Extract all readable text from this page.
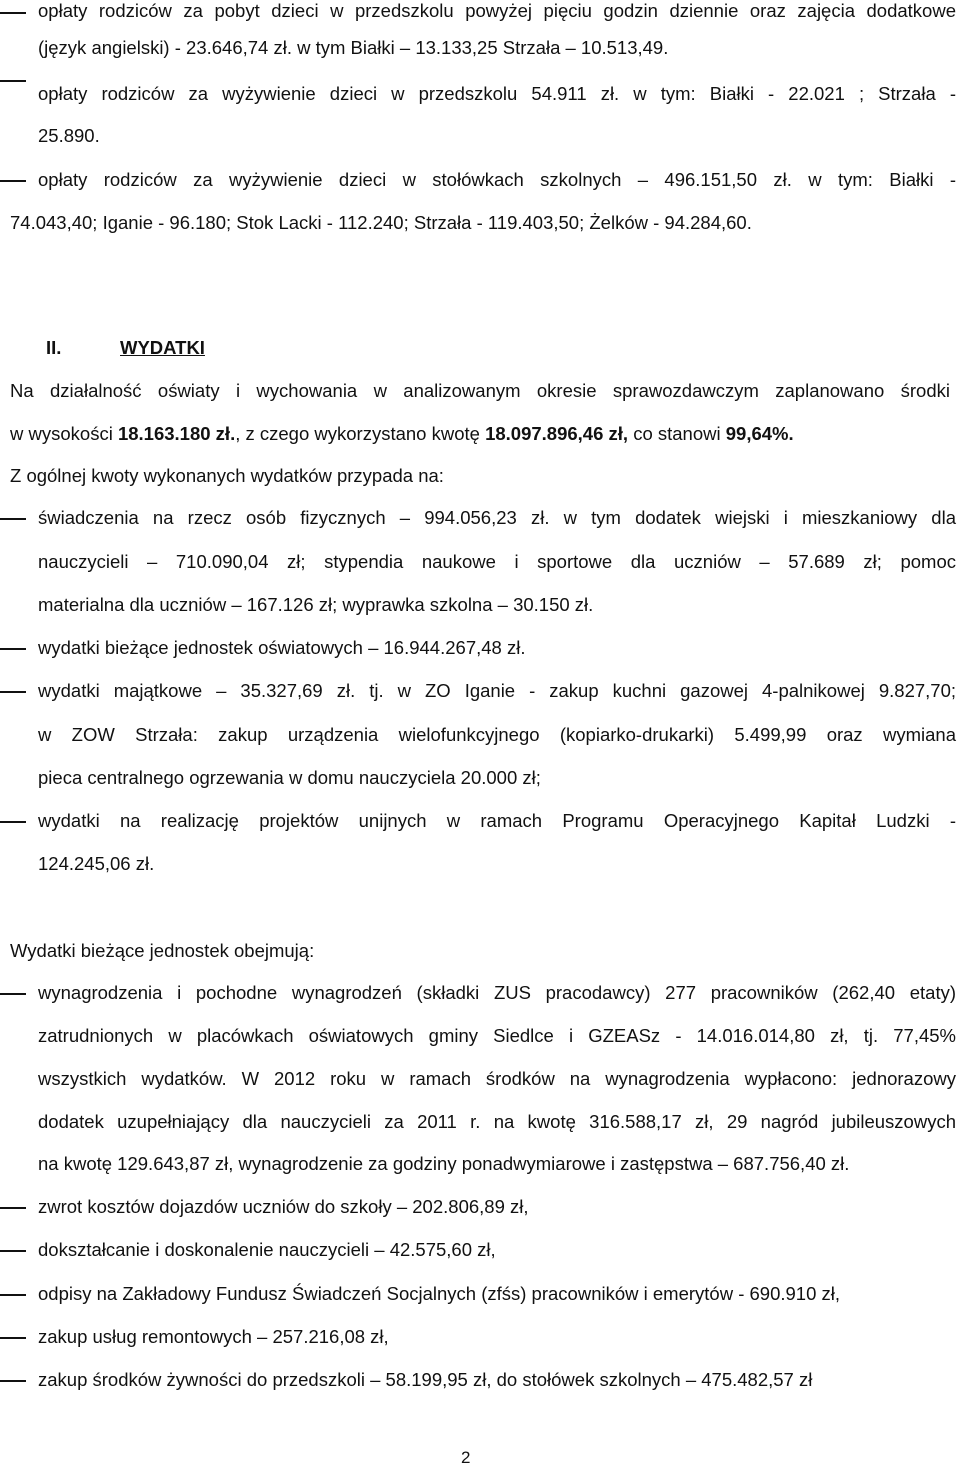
opłaty rodziców za pobyt dzieci w przedszkolu powyżej pięciu godzin dziennie oraz zajęcia dodatkowe
(język angielski) - 23.646,74 zł. w tym Białki – 13.133,25 Strzała – 10.513,49.
opłaty rodziców za wyżywienie dzieci w przedszkolu 54.911 zł. w tym: Białki - 22.021 ; Strzała -
25.890.
opłaty rodziców za wyżywienie dzieci w stołówkach szkolnych – 496.151,50 zł. w tym: Białki -
74.043,40; Iganie - 96.180; Stok Lacki - 112.240; Strzała - 119.403,50; Żelków - 94.284,60.
II.	WYDATKI
Na działalność oświaty i wychowania w analizowanym okresie sprawozdawczym zaplanowano środki
w wysokości 18.163.180 zł., z czego wykorzystano kwotę 18.097.896,46 zł, co stanowi 99,64%.
Z ogólnej kwoty wykonanych wydatków przypada na:
świadczenia na rzecz osób fizycznych – 994.056,23 zł. w tym dodatek wiejski i mieszkaniowy dla
nauczycieli – 710.090,04 zł; stypendia naukowe i sportowe dla uczniów – 57.689 zł; pomoc
materialna dla uczniów – 167.126 zł; wyprawka szkolna – 30.150 zł.
wydatki bieżące jednostek oświatowych – 16.944.267,48 zł.
wydatki majątkowe – 35.327,69 zł. tj. w ZO Iganie - zakup kuchni gazowej 4-palnikowej 9.827,70;
w ZOW Strzała: zakup urządzenia wielofunkcyjnego (kopiarko-drukarki) 5.499,99 oraz wymiana
pieca centralnego ogrzewania w domu nauczyciela 20.000 zł;
wydatki na realizację projektów unijnych w ramach Programu Operacyjnego Kapitał Ludzki -
124.245,06 zł.
Wydatki bieżące jednostek obejmują:
wynagrodzenia i pochodne wynagrodzeń (składki ZUS pracodawcy) 277 pracowników (262,40 etaty)
zatrudnionych w placówkach oświatowych gminy Siedlce i GZEASz - 14.016.014,80 zł, tj. 77,45%
wszystkich wydatków. W 2012 roku w ramach środków na wynagrodzenia wypłacono: jednorazowy
dodatek uzupełniający dla nauczycieli za 2011 r. na kwotę 316.588,17 zł, 29 nagród jubileuszowych
na kwotę 129.643,87 zł, wynagrodzenie za godziny ponadwymiarowe i zastępstwa – 687.756,40 zł.
zwrot kosztów dojazdów uczniów do szkoły – 202.806,89 zł,
dokształcanie i doskonalenie nauczycieli – 42.575,60 zł,
odpisy na Zakładowy Fundusz Świadczeń Socjalnych (zfśs) pracowników i emerytów - 690.910 zł,
zakup usług remontowych – 257.216,08 zł,
zakup środków żywności do przedszkoli – 58.199,95 zł, do stołówek szkolnych – 475.482,57 zł
2
